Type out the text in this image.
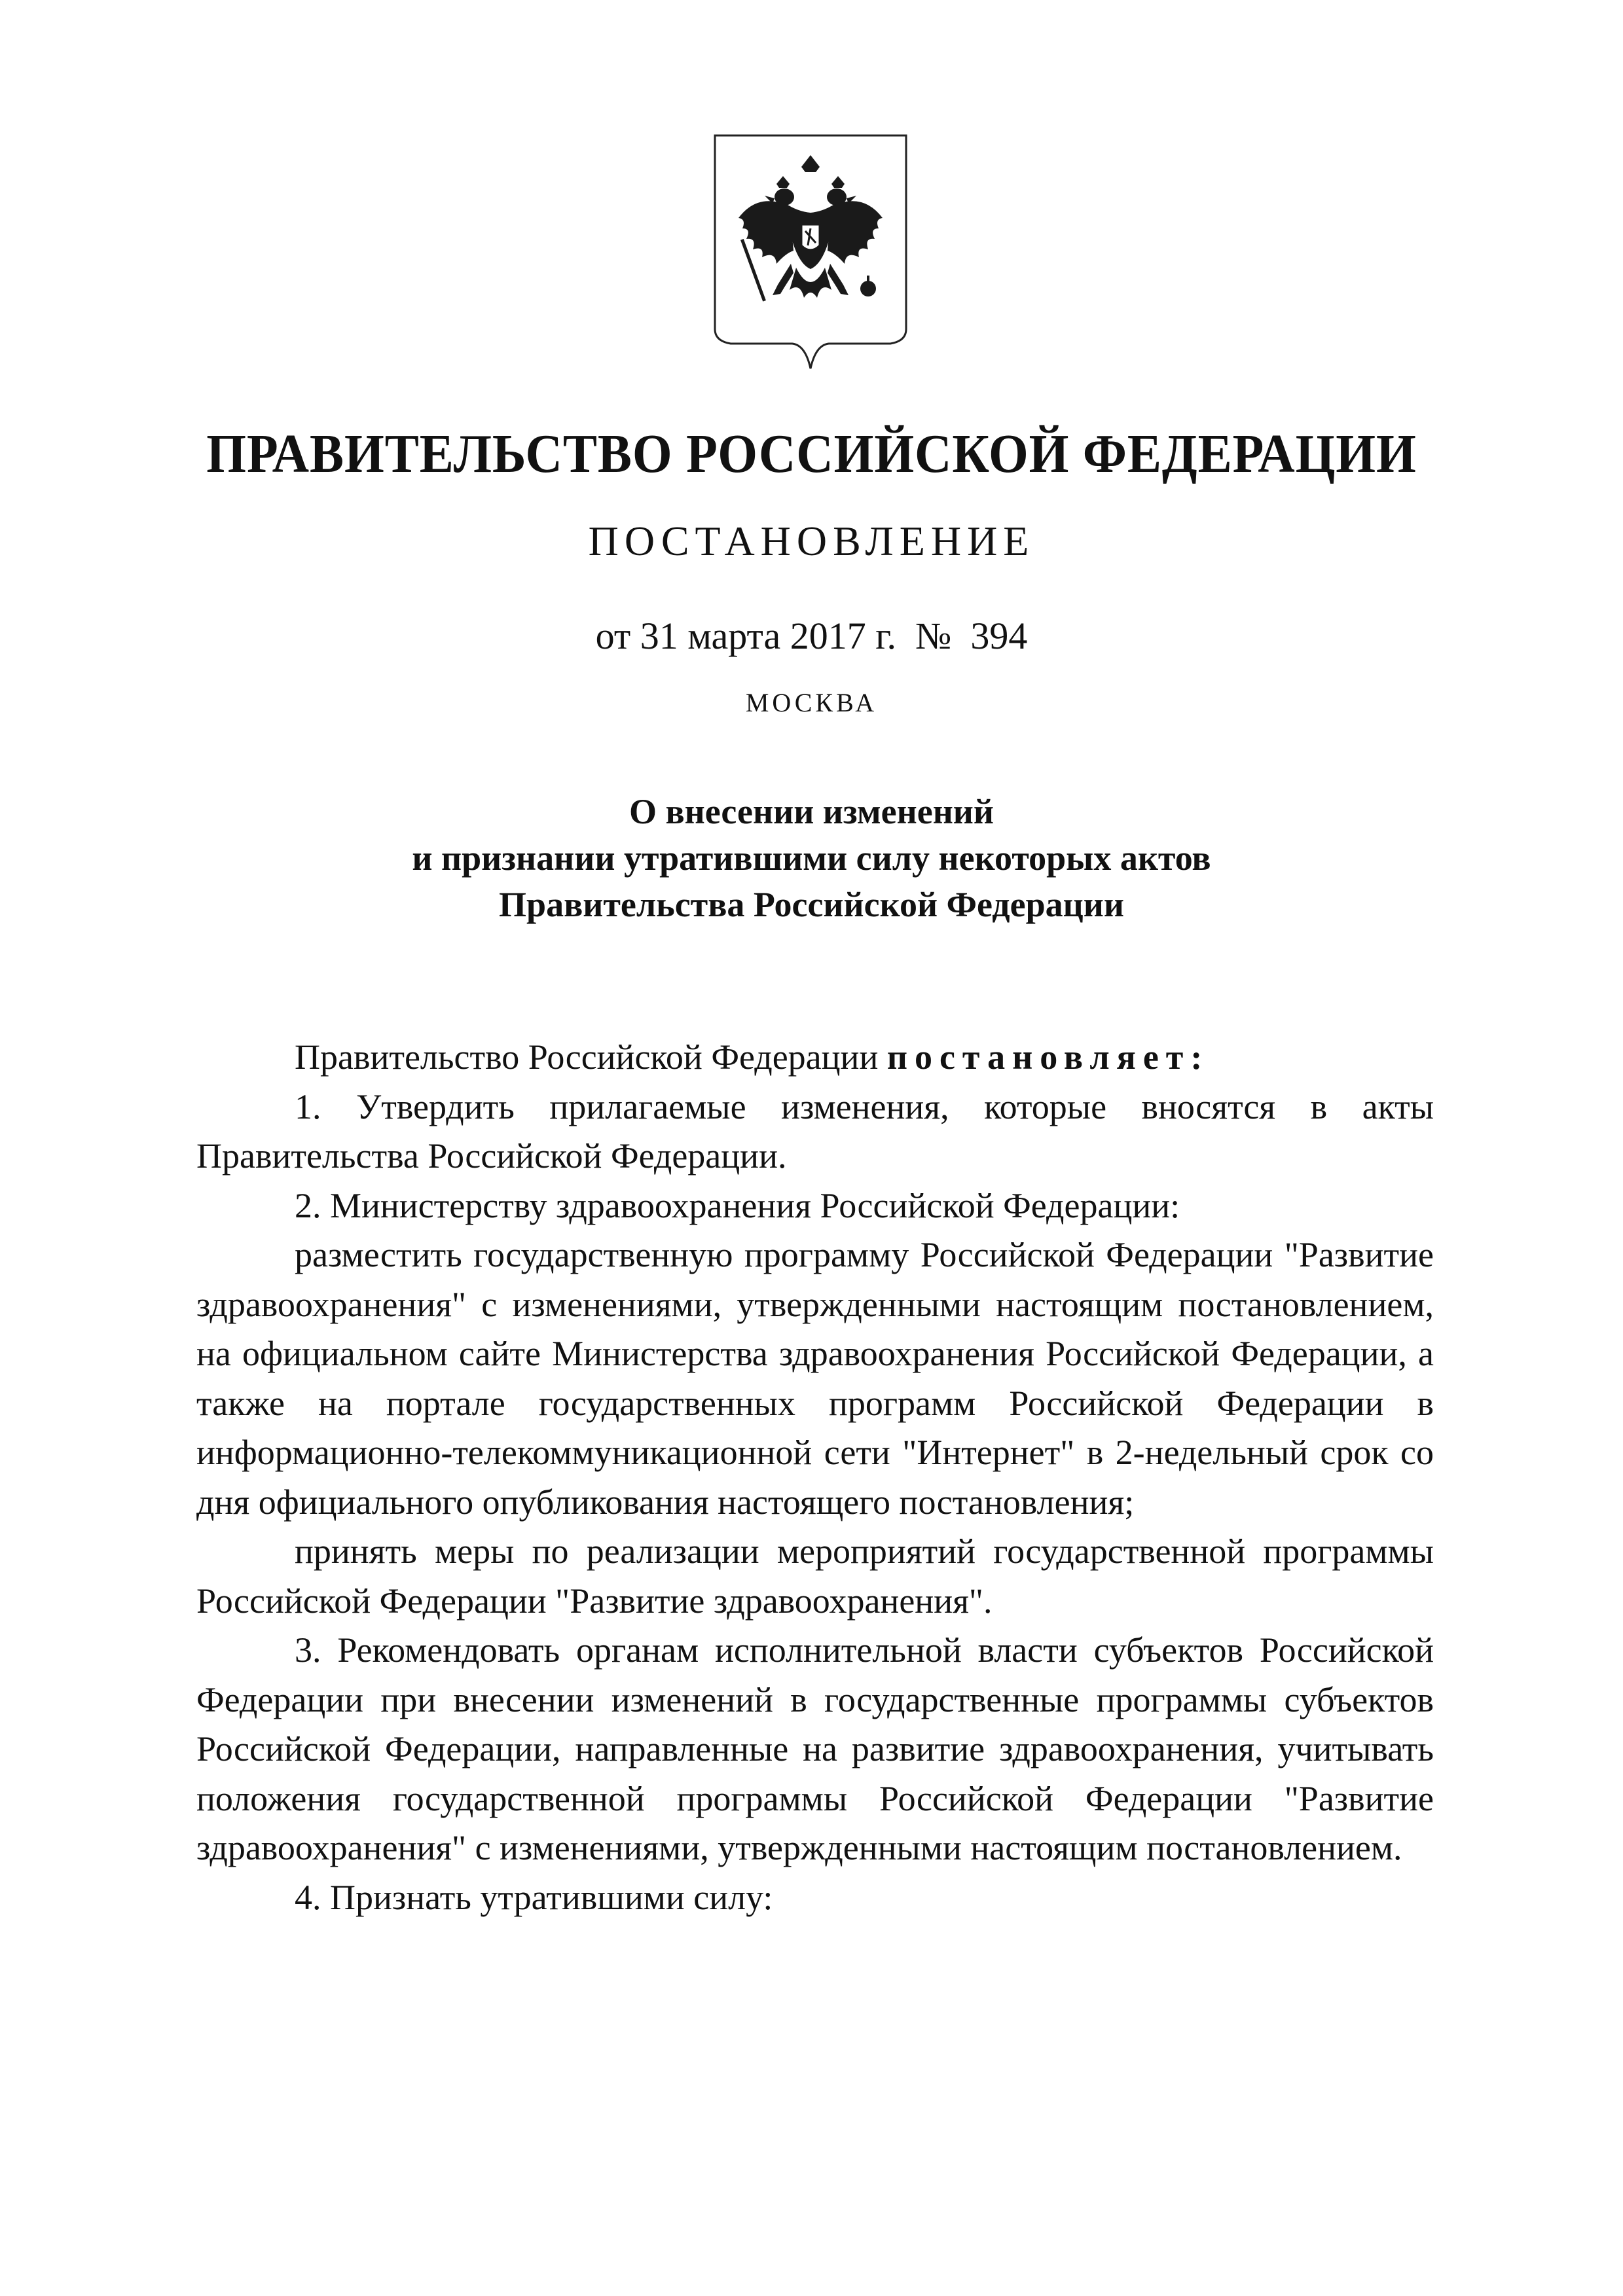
ПРАВИТЕЛЬСТВО РОССИЙСКОЙ ФЕДЕРАЦИИ
ПОСТАНОВЛЕНИЕ
от 31 марта 2017 г.  №  394
МОСКВА
О внесении изменений
и признании утратившими силу некоторых актов
Правительства Российской Федерации

Правительство Российской Федерации постановляет:

1. Утвердить прилагаемые изменения, которые вносятся в акты Правительства Российской Федерации.

2. Министерству здравоохранения Российской Федерации:

разместить государственную программу Российской Федерации "Развитие здравоохранения" с изменениями, утвержденными настоящим постановлением, на официальном сайте Министерства здравоохранения Российской Федерации, а также на портале государственных программ Российской Федерации в информационно-телекоммуникационной сети "Интернет" в 2-недельный срок со дня официального опубликования настоящего постановления;

принять меры по реализации мероприятий государственной программы Российской Федерации "Развитие здравоохранения".

3. Рекомендовать органам исполнительной власти субъектов Российской Федерации при внесении изменений в государственные программы субъектов Российской Федерации, направленные на развитие здравоохранения, учитывать положения государственной программы Российской Федерации "Развитие здравоохранения" с изменениями, утвержденными настоящим постановлением.

4. Признать утратившими силу:
